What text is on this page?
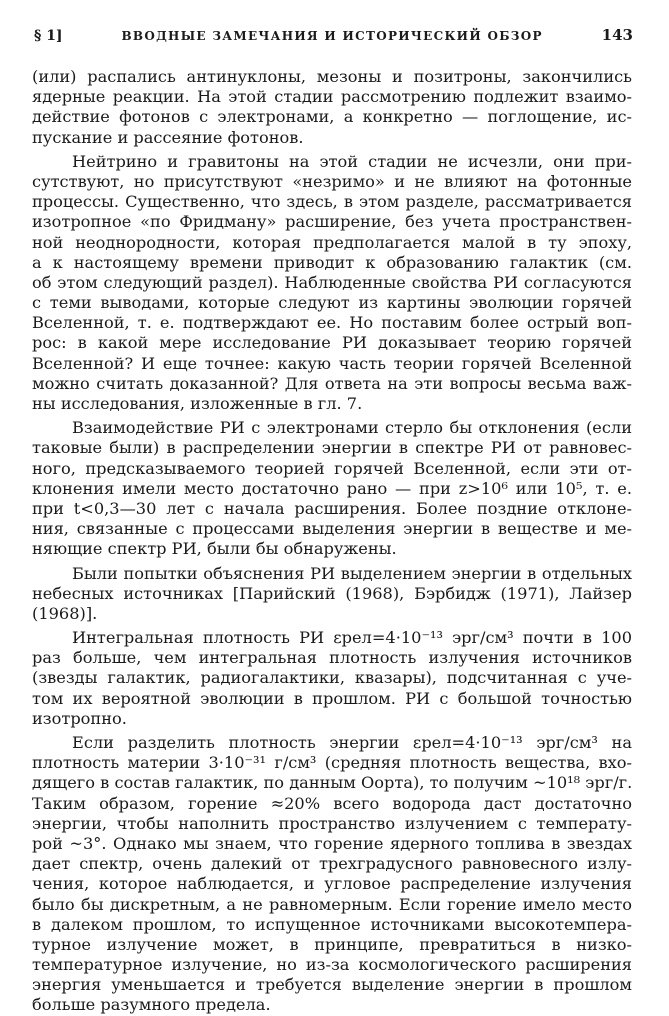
§ 1]	ВВОДНЫЕ ЗАМЕЧАНИЯ И ИСТОРИЧЕСКИЙ ОБЗОР	143
(или) распались антинуклоны, мезоны и позитроны, закончились
ядерные реакции. На этой стадии рассмотрению подлежит взаимо-
действие фотонов с электронами, а конкретно — поглощение, ис-
пускание и рассеяние фотонов.
Нейтрино и гравитоны на этой стадии не исчезли, они при-
сутствуют, но присутствуют «незримо» и не влияют на фотонные
процессы. Существенно, что здесь, в этом разделе, рассматривается
изотропное «по Фридману» расширение, без учета пространствен-
ной неоднородности, которая предполагается малой в ту эпоху,
а к настоящему времени приводит к образованию галактик (см.
об этом следующий раздел). Наблюденные свойства РИ согласуются
с теми выводами, которые следуют из картины эволюции горячей
Вселенной, т. е. подтверждают ее. Но поставим более острый воп-
рос: в какой мере исследование РИ доказывает теорию горячей
Вселенной? И еще точнее: какую часть теории горячей Вселенной
можно считать доказанной? Для ответа на эти вопросы весьма важ-
ны исследования, изложенные в гл. 7.
Взаимодействие РИ с электронами стерло бы отклонения (если
таковые были) в распределении энергии в спектре РИ от равновес-
ного, предсказываемого теорией горячей Вселенной, если эти от-
клонения имели место достаточно рано — при z>10⁶ или 10⁵, т. е.
при t<0,3—30 лет с начала расширения. Более поздние отклоне-
ния, связанные с процессами выделения энергии в веществе и ме-
няющие спектр РИ, были бы обнаружены.
Были попытки объяснения РИ выделением энергии в отдельных
небесных источниках [Парийский (1968), Бэрбидж (1971), Лайзер
(1968)].
Интегральная плотность РИ εрел=4·10⁻¹³ эрг/см³ почти в 100
раз больше, чем интегральная плотность излучения источников
(звезды галактик, радиогалактики, квазары), подсчитанная с уче-
том их вероятной эволюции в прошлом. РИ с большой точностью
изотропно.
Если разделить плотность энергии εрел=4·10⁻¹³ эрг/см³ на
плотность материи 3·10⁻³¹ г/см³ (средняя плотность вещества, вхо-
дящего в состав галактик, по данным Оорта), то получим ~10¹⁸ эрг/г.
Таким образом, горение ≈20% всего водорода даст достаточно
энергии, чтобы наполнить пространство излучением с температу-
рой ~3°. Однако мы знаем, что горение ядерного топлива в звездах
дает спектр, очень далекий от трехградусного равновесного излу-
чения, которое наблюдается, и угловое распределение излучения
было бы дискретным, а не равномерным. Если горение имело место
в далеком прошлом, то испущенное источниками высокотемпера-
турное излучение может, в принципе, превратиться в низко-
температурное излучение, но из-за космологического расширения
энергия уменьшается и требуется выделение энергии в прошлом
больше разумного предела.
